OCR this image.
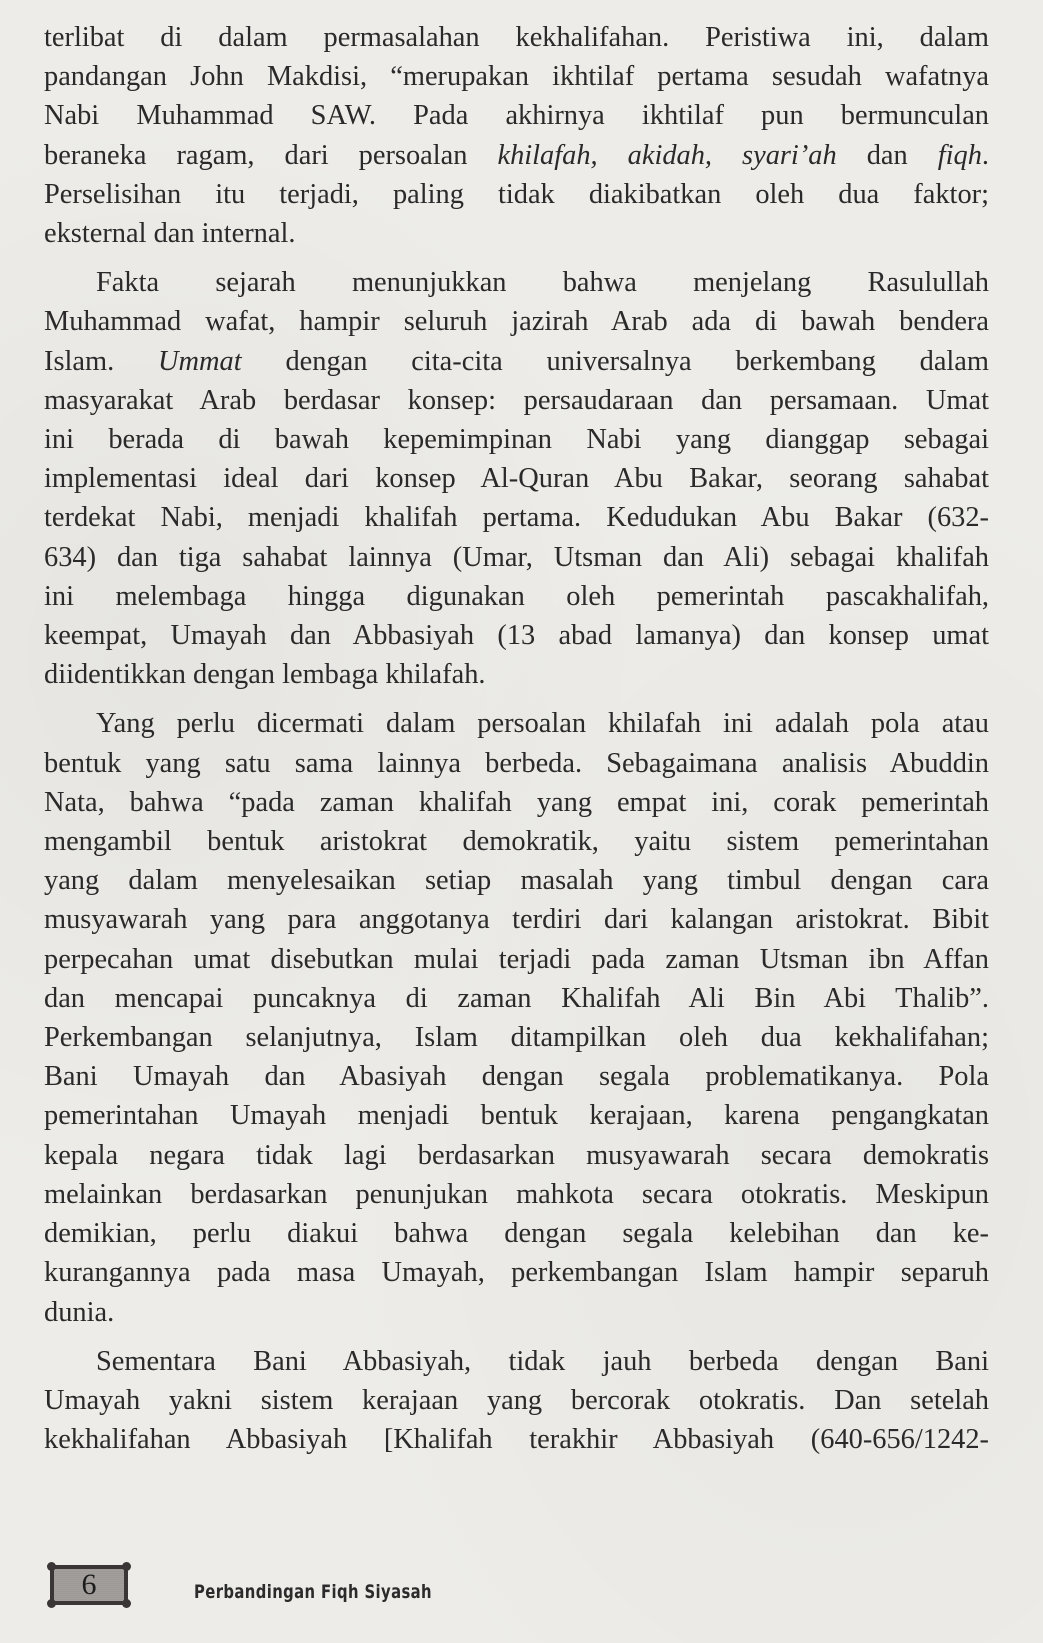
terlibat di dalam permasalahan kekhalifahan. Peristiwa ini, dalam
pandangan John Makdisi, “merupakan ikhtilaf pertama sesudah wafatnya
Nabi Muhammad SAW. Pada akhirnya ikhtilaf pun bermunculan
beraneka ragam, dari persoalan khilafah, akidah, syari’ah dan fiqh.
Perselisihan itu terjadi, paling tidak diakibatkan oleh dua faktor;
eksternal dan internal.

Fakta sejarah menunjukkan bahwa menjelang Rasulullah
Muhammad wafat, hampir seluruh jazirah Arab ada di bawah bendera
Islam. Ummat dengan cita-cita universalnya berkembang dalam
masyarakat Arab berdasar konsep: persaudaraan dan persamaan. Umat
ini berada di bawah kepemimpinan Nabi yang dianggap sebagai
implementasi ideal dari konsep Al-Quran Abu Bakar, seorang sahabat
terdekat Nabi, menjadi khalifah pertama. Kedudukan Abu Bakar (632-
634) dan tiga sahabat lainnya (Umar, Utsman dan Ali) sebagai khalifah
ini melembaga hingga digunakan oleh pemerintah pascakhalifah,
keempat, Umayah dan Abbasiyah (13 abad lamanya) dan konsep umat
diidentikkan dengan lembaga khilafah.

Yang perlu dicermati dalam persoalan khilafah ini adalah pola atau
bentuk yang satu sama lainnya berbeda. Sebagaimana analisis Abuddin
Nata, bahwa “pada zaman khalifah yang empat ini, corak pemerintah
mengambil bentuk aristokrat demokratik, yaitu sistem pemerintahan
yang dalam menyelesaikan setiap masalah yang timbul dengan cara
musyawarah yang para anggotanya terdiri dari kalangan aristokrat. Bibit
perpecahan umat disebutkan mulai terjadi pada zaman Utsman ibn Affan
dan mencapai puncaknya di zaman Khalifah Ali Bin Abi Thalib”.
Perkembangan selanjutnya, Islam ditampilkan oleh dua kekhalifahan;
Bani Umayah dan Abasiyah dengan segala problematikanya. Pola
pemerintahan Umayah menjadi bentuk kerajaan, karena pengangkatan
kepala negara tidak lagi berdasarkan musyawarah secara demokratis
melainkan berdasarkan penunjukan mahkota secara otokratis. Meskipun
demikian, perlu diakui bahwa dengan segala kelebihan dan ke-
kurangannya pada masa Umayah, perkembangan Islam hampir separuh
dunia.

Sementara Bani Abbasiyah, tidak jauh berbeda dengan Bani
Umayah yakni sistem kerajaan yang bercorak otokratis. Dan setelah
kekhalifahan Abbasiyah [Khalifah terakhir Abbasiyah (640-656/1242-

6	Perbandingan Fiqh Siyasah
